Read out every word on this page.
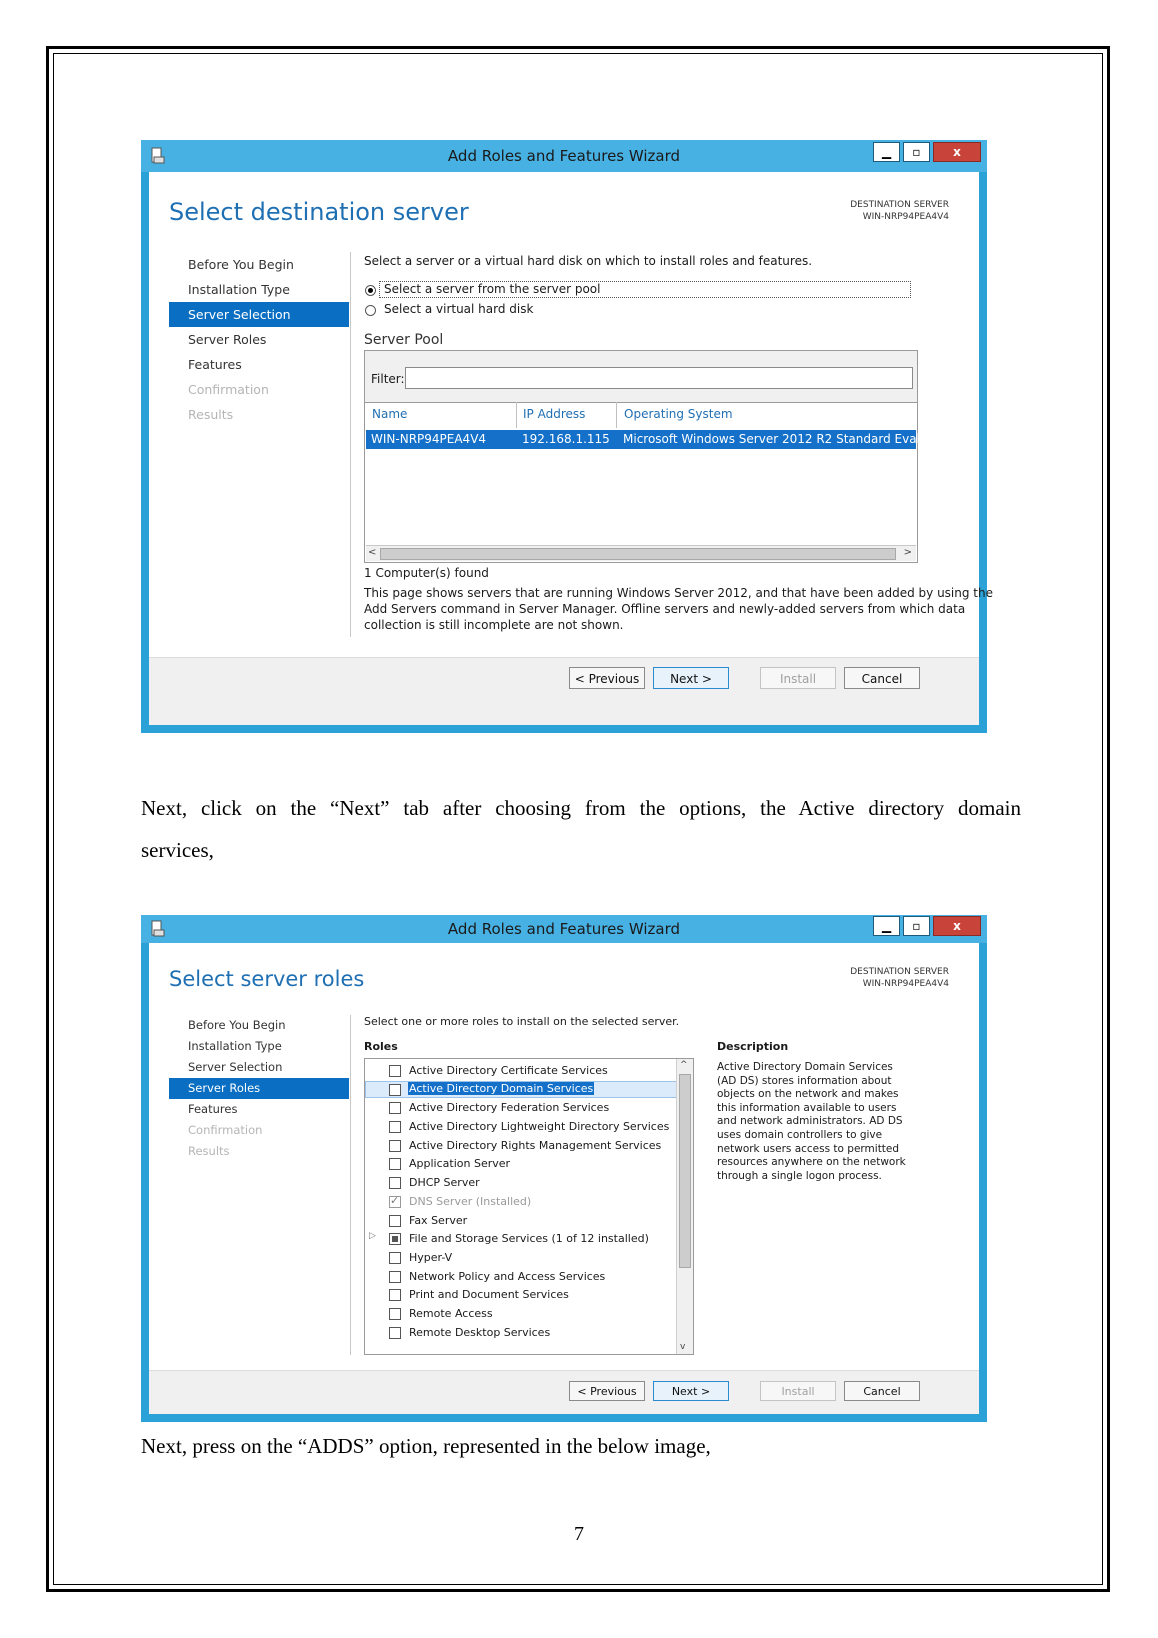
Add Roles and Features Wizard	▁ ▫	x
Select destination server	DESTINATION SERVER
WIN-NRP94PEA4V4
Before You Begin
Installation Type
Server Selection
Server Roles
Features
Confirmation
Results
Select a server or a virtual hard disk on which to install roles and features.
Select a server from the server pool
Select a virtual hard disk
Server Pool
Filter:
Name	IP Address	Operating System
WIN-NRP94PEA4V4	192.168.1.115 Microsoft Windows Server 2012 R2 Standard Evaluation
<	>
1 Computer(s) found
This page shows servers that are running Windows Server 2012, and that have been added by using the
Add Servers command in Server Manager. Offline servers and newly-added servers from which data
collection is still incomplete are not shown.
< Previous	Next >	Install	Cancel
Next, click on the “Next” tab after choosing from the options, the Active directory domain
services,
Add Roles and Features Wizard	▁ ▫	x
Select server roles	DESTINATION SERVER
WIN-NRP94PEA4V4
Before You Begin
Installation Type
Server Selection
Server Roles
Features
Confirmation
Results
Select one or more roles to install on the selected server.
Roles
Active Directory Certificate Services
Active Directory Domain Services
Active Directory Federation Services
Active Directory Lightweight Directory Services
Active Directory Rights Management Services
Application Server
DHCP Server
✓
DNS Server (Installed)
Fax Server
▷	File and Storage Services (1 of 12 installed)
Hyper-V
Network Policy and Access Services
Print and Document Services
Remote Access
Remote Desktop Services
^
v
Description
Active Directory Domain Services
(AD DS) stores information about
objects on the network and makes
this information available to users
and network administrators. AD DS
uses domain controllers to give
network users access to permitted
resources anywhere on the network
through a single logon process.
< Previous	Next >	Install	Cancel
Next, press on the “ADDS” option, represented in the below image,
7
